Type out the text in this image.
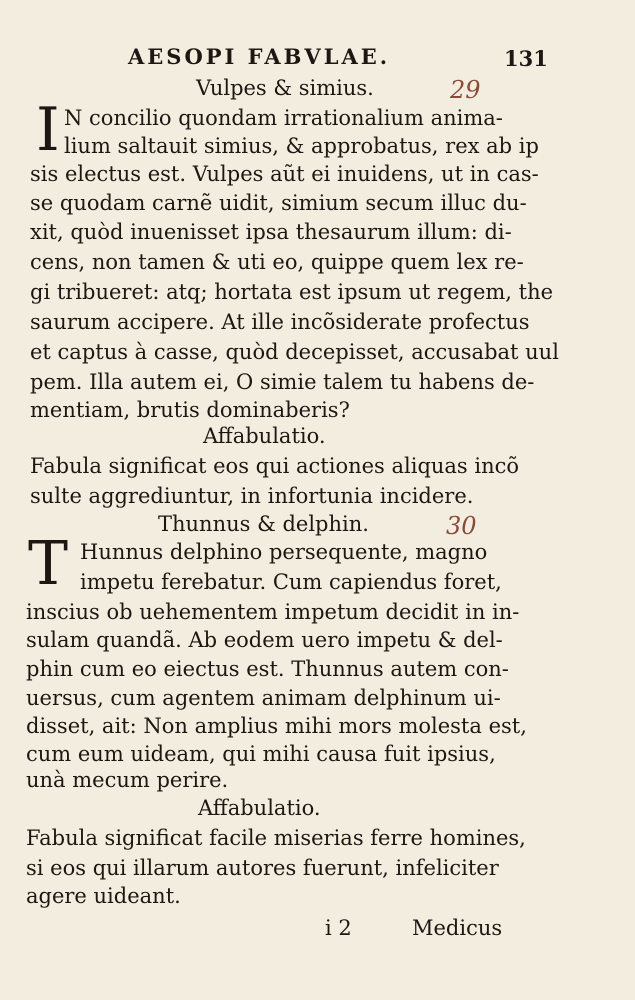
AESOPI FABVLAE.	131
Vulpes & simius.	29
I N concilio quondam irrationalium anima-
lium saltauit simius, & approbatus, rex ab ip
sis electus est. Vulpes aũt ei inuidens, ut in cas-
se quodam carnẽ uidit, simium secum illuc du-
xit, quòd inuenisset ipsa thesaurum illum: di-
cens, non tamen & uti eo, quippe quem lex re-
gi tribueret: atq; hortata est ipsum ut regem, the
saurum accipere. At ille incõsiderate profectus
et captus à casse, quòd decepisset, accusabat uul
pem. Illa autem ei, O simie talem tu habens de-
mentiam, brutis dominaberis?
Affabulatio.
Fabula significat eos qui actiones aliquas incõ
sulte aggrediuntur, in infortunia incidere.
Thunnus & delphin.	30
T Hunnus delphino persequente, magno
impetu ferebatur. Cum capiendus foret,
inscius ob uehementem impetum decidit in in-
sulam quandã. Ab eodem uero impetu & del-
phin cum eo eiectus est. Thunnus autem con-
uersus, cum agentem animam delphinum ui-
disset, ait: Non amplius mihi mors molesta est,
cum eum uideam, qui mihi causa fuit ipsius,
unà mecum perire.
Affabulatio.
Fabula significat facile miserias ferre homines,
si eos qui illarum autores fuerunt, infeliciter
agere uideant.
i 2	Medicus
